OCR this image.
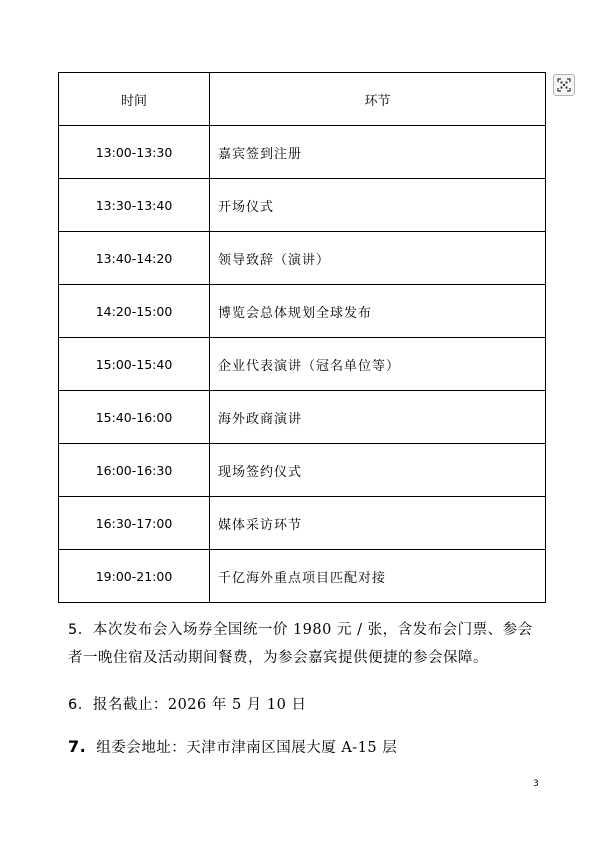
时间	环节
13:00-13:30	嘉宾签到注册
13:30-13:40	开场仪式
13:40-14:20	领导致辞（演讲）
14:20-15:00	博览会总体规划全球发布
15:00-15:40	企业代表演讲（冠名单位等）
15:40-16:00	海外政商演讲
16:00-16:30	现场签约仪式
16:30-17:00	媒体采访环节
19:00-21:00	千亿海外重点项目匹配对接
5. 本次发布会入场券全国统一价 1980 元 / 张，含发布会门票、参会
者一晚住宿及活动期间餐费，为参会嘉宾提供便捷的参会保障。
6. 报名截止：2026 年 5 月 10 日
7. 组委会地址：天津市津南区国展大厦 A-15 层
3
